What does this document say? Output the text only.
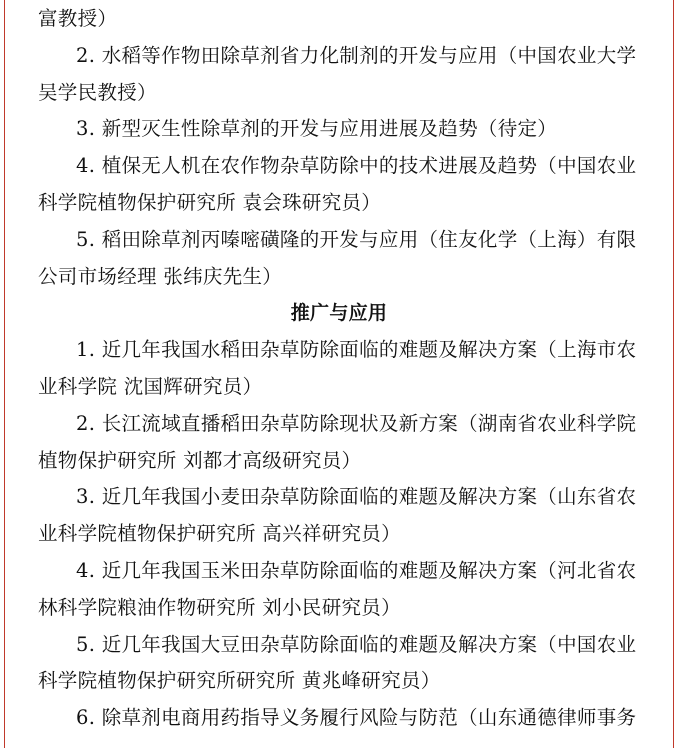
富教授）
2. 水稻等作物田除草剂省力化制剂的开发与应用（中国农业大学
吴学民教授）
3. 新型灭生性除草剂的开发与应用进展及趋势（待定）
4. 植保无人机在农作物杂草防除中的技术进展及趋势（中国农业
科学院植物保护研究所 袁会珠研究员）
5. 稻田除草剂丙嗪嘧磺隆的开发与应用（住友化学（上海）有限
公司市场经理 张纬庆先生）
推广与应用
1. 近几年我国水稻田杂草防除面临的难题及解决方案（上海市农
业科学院 沈国辉研究员）
2. 长江流域直播稻田杂草防除现状及新方案（湖南省农业科学院
植物保护研究所 刘都才高级研究员）
3. 近几年我国小麦田杂草防除面临的难题及解决方案（山东省农
业科学院植物保护研究所 高兴祥研究员）
4. 近几年我国玉米田杂草防除面临的难题及解决方案（河北省农
林科学院粮油作物研究所 刘小民研究员）
5. 近几年我国大豆田杂草防除面临的难题及解决方案（中国农业
科学院植物保护研究所研究所 黄兆峰研究员）
6. 除草剂电商用药指导义务履行风险与防范（山东通德律师事务
